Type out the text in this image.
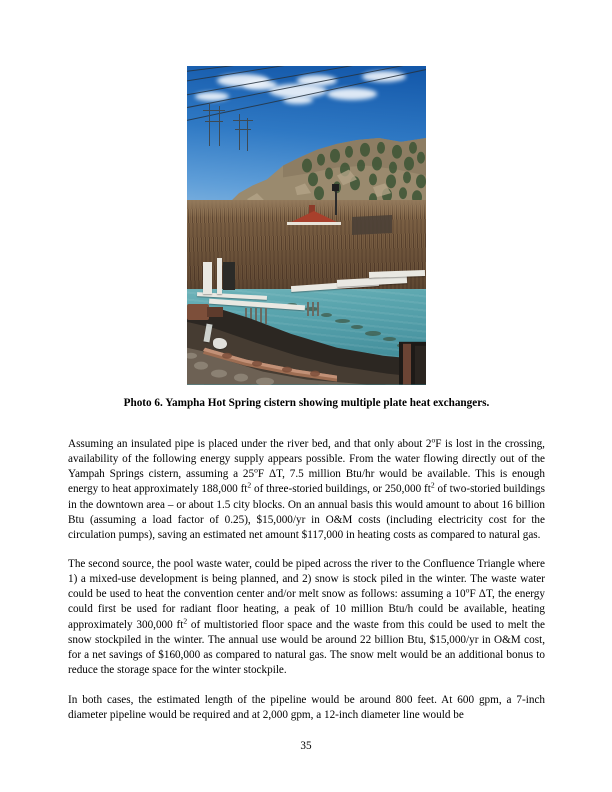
Photo 6. Yampha Hot Spring cistern showing multiple plate heat exchangers.

Assuming an insulated pipe is placed under the river bed, and that only about 2$^o$F is lost in the crossing, availability of the following energy supply appears possible. From the water flowing directly out of the Yampah Springs cistern, assuming a 25$^o$F ΔT, 7.5 million Btu/hr would be available. This is enough energy to heat approximately 188,000 $ft^2$ of three-storied buildings, or 250,000 $ft^2$ of two-storied buildings in the downtown area – or about 1.5 city blocks. On an annual basis this would amount to about 16 billion Btu (assuming a load factor of 0.25), $15,000/yr in O&M costs (including electricity cost for the circulation pumps), saving an estimated net amount $117,000 in heating costs as compared to natural gas.

The second source, the pool waste water, could be piped across the river to the Confluence Triangle where 1) a mixed-use development is being planned, and 2) snow is stock piled in the winter. The waste water could be used to heat the convention center and/or melt snow as follows: assuming a 10$^o$F ΔT, the energy could first be used for radiant floor heating, a peak of 10 million Btu/h could be available, heating approximately 300,000 $ft^2$ of multistoried floor space and the waste from this could be used to melt the snow stockpiled in the winter. The annual use would be around 22 billion Btu, $15,000/yr in O&M cost, for a net savings of $160,000 as compared to natural gas. The snow melt would be an additional bonus to reduce the storage space for the winter stockpile.

In both cases, the estimated length of the pipeline would be around 800 feet. At 600 gpm, a 7-inch diameter pipeline would be required and at 2,000 gpm, a 12-inch diameter line would be

35
